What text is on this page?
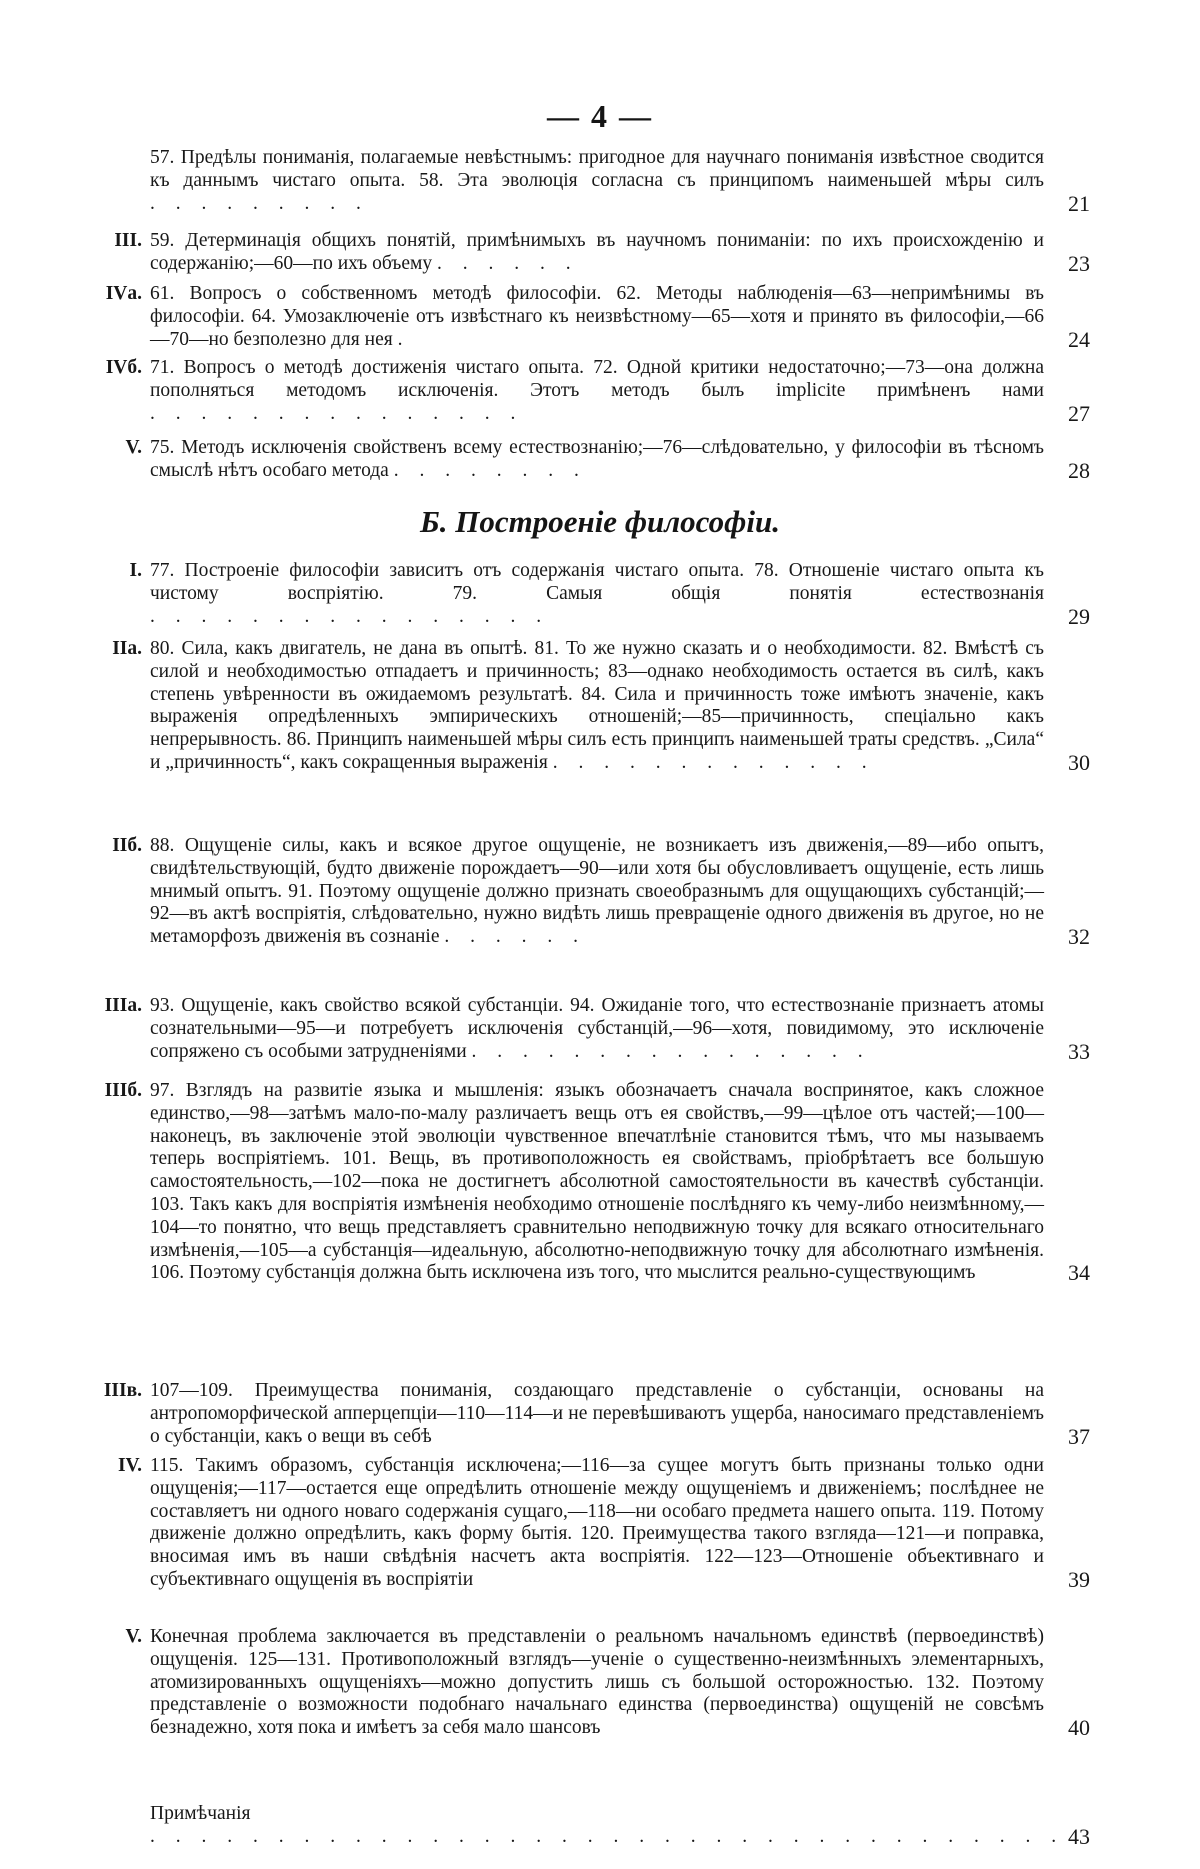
— 4 —
57. Предѣлы пониманія, полагаемые невѣстнымъ: пригодное для научнаго пониманія извѣстное сводится къ даннымъ чистаго опыта. 58. Эта эволюція согласна съ принципомъ наименьшей мѣры силъ . . . . . . . . .	21
III. 59. Детерминація общихъ понятій, примѣнимыхъ въ научномъ пониманіи: по ихъ происхожденію и содержанію;—60—по ихъ объему . . . . . .	23
IVа. 61. Вопросъ о собственномъ методѣ философіи. 62. Методы наблюденія—63—непримѣнимы въ философіи. 64. Умозаключеніе отъ извѣстнаго къ неизвѣстному—65—хотя и принято въ философіи,—66—70—но безполезно для нея .	24
IVб. 71. Вопросъ о методѣ достиженія чистаго опыта. 72. Одной критики недостаточно;—73—она должна пополняться методомъ исключенія. Этотъ методъ былъ implicite примѣненъ нами . . . . . . . . . . . . . . .	27
V. 75. Методъ исключенія свойственъ всему естествознанію;—76—слѣдовательно, у философіи въ тѣсномъ смыслѣ нѣтъ особаго метода . . . . . . . .	28
Б. Построеніе философіи.
I. 77. Построеніе философіи зависитъ отъ содержанія чистаго опыта. 78. Отношеніе чистаго опыта къ чистому воспріятію. 79. Самыя общія понятія естествознанія . . . . . . . . . . . . . . . .	29
IIа. 80. Сила, какъ двигатель, не дана въ опытѣ. 81. То же нужно сказать и о необходимости. 82. Вмѣстѣ съ силой и необходимостью отпадаетъ и причинность; 83—однако необходимость остается въ силѣ, какъ степень увѣренности въ ожидаемомъ результатѣ. 84. Сила и причинность тоже имѣютъ значеніе, какъ выраженія опредѣленныхъ эмпирическихъ отношеній;—85—причинность, спеціально какъ непрерывность. 86. Принципъ наименьшей мѣры силъ есть принципъ наименьшей траты средствъ. „Сила“ и „причинность“, какъ сокращенныя выраженія . . . . . . . . . . . . .	30
IIб. 88. Ощущеніе силы, какъ и всякое другое ощущеніе, не возникаетъ изъ движенія,—89—ибо опытъ, свидѣтельствующій, будто движеніе порождаетъ—90—или хотя бы обусловливаетъ ощущеніе, есть лишь мнимый опытъ. 91. Поэтому ощущеніе должно признать своеобразнымъ для ощущающихъ субстанцій;—92—въ актѣ воспріятія, слѣдовательно, нужно видѣть лишь превращеніе одного движенія въ другое, но не метаморфозъ движенія въ сознаніе . . . . . .	32
IIIа. 93. Ощущеніе, какъ свойство всякой субстанціи. 94. Ожиданіе того, что естествознаніе признаетъ атомы сознательными—95—и потребуетъ исключенія субстанцій,—96—хотя, повидимому, это исключеніе сопряжено съ особыми затрудненіями . . . . . . . . . . . . . . . .	33
IIIб. 97. Взглядъ на развитіе языка и мышленія: языкъ обозначаетъ сначала воспринятое, какъ сложное единство,—98—затѣмъ мало-по-малу различаетъ вещь отъ ея свойствъ,—99—цѣлое отъ частей;—100—наконецъ, въ заключеніе этой эволюціи чувственное впечатлѣніе становится тѣмъ, что мы называемъ теперь воспріятіемъ. 101. Вещь, въ противоположность ея свойствамъ, пріобрѣтаетъ все большую самостоятельность,—102—пока не достигнетъ абсолютной самостоятельности въ качествѣ субстанціи. 103. Такъ какъ для воспріятія измѣненія необходимо отношеніе послѣдняго къ чему-либо неизмѣнному,—104—то понятно, что вещь представляетъ сравнительно неподвижную точку для всякаго относительнаго измѣненія,—105—а субстанція—идеальную, абсолютно-неподвижную точку для абсолютнаго измѣненія. 106. Поэтому субстанція должна быть исключена изъ того, что мыслится реально-существующимъ	34
IIIв. 107—109. Преимущества пониманія, создающаго представленіе о субстанціи, основаны на антропоморфической апперцепціи—110—114—и не перевѣшиваютъ ущерба, наносимаго представленіемъ о субстанціи, какъ о вещи въ себѣ	37
IV. 115. Такимъ образомъ, субстанція исключена;—116—за сущее могутъ быть признаны только одни ощущенія;—117—остается еще опредѣлить отношеніе между ощущеніемъ и движеніемъ; послѣднее не составляетъ ни одного новаго содержанія сущаго,—118—ни особаго предмета нашего опыта. 119. Потому движеніе должно опредѣлить, какъ форму бытія. 120. Преимущества такого взгляда—121—и поправка, вносимая имъ въ наши свѣдѣнія насчетъ акта воспріятія. 122—123—Отношеніе объективнаго и субъективнаго ощущенія въ воспріятіи	39
V. Конечная проблема заключается въ представленіи о реальномъ начальномъ единствѣ (первоединствѣ) ощущенія. 125—131. Противоположный взглядъ—ученіе о существенно-неизмѣнныхъ элементарныхъ, атомизированныхъ ощущеніяхъ—можно допустить лишь съ большой осторожностью. 132. Поэтому представленіе о возможности подобнаго начальнаго единства (первоединства) ощущеній не совсѣмъ безнадежно, хотя пока и имѣетъ за себя мало шансовъ	40
Примѣчанія . . . . . . . . . . . . . . . . . . . . . . . . . . . . . . . . . . . . 43
